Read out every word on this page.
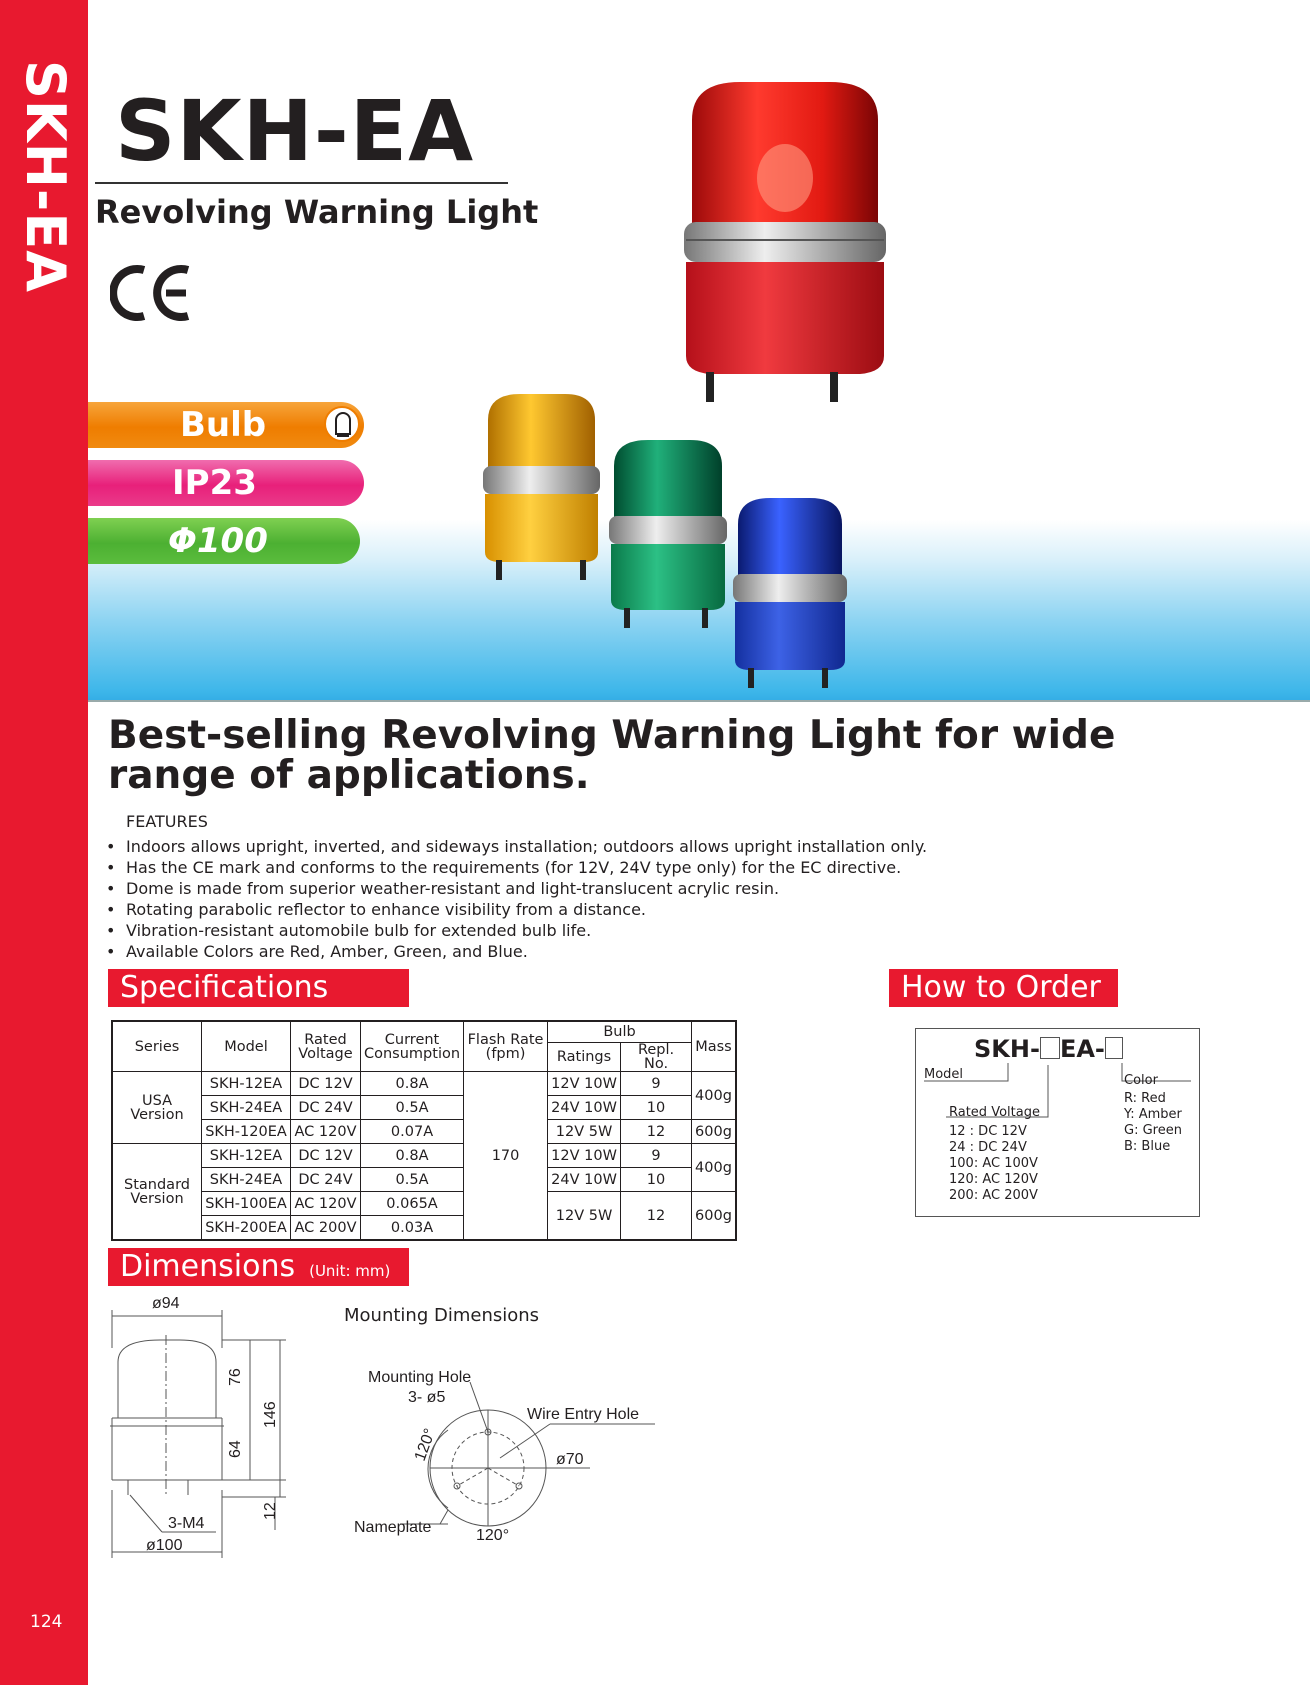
SKH-EA
124
SKH-EA
Revolving Warning Light
Bulb
IP23
Φ100
Best-selling Revolving Warning Light for wide range of applications.
FEATURES
• Indoors allows upright, inverted, and sideways installation; outdoors allows upright installation only.
• Has the CE mark and conforms to the requirements (for 12V, 24V type only) for the EC directive.
• Dome is made from superior weather-resistant and light-translucent acrylic resin.
• Rotating parabolic reflector to enhance visibility from a distance.
• Vibration-resistant automobile bulb for extended bulb life.
• Available Colors are Red, Amber, Green, and Blue.
Specifications	How to Order
Dimensions (Unit: mm)
Series	Model	Rated Voltage	Current Consumption	Flash Rate (fpm)	Bulb		Mass
					Ratings	Repl. No.	
USA Version	SKH-12EA	DC 12V	0.8A	170	12V 10W	9	400g
	SKH-24EA	DC 24V	0.5A		24V 10W	10	
	SKH-120EA	AC 120V	0.07A		12V 5W	12	600g
Standard Version	SKH-12EA	DC 12V	0.8A		12V 10W	9	400g
	SKH-24EA	DC 24V	0.5A		24V 10W	10	
	SKH-100EA	AC 120V	0.065A		12V 5W	12	600g
	SKH-200EA	AC 200V	0.03A				
SKH- EA-
Model
Rated Voltage
Color
12 : DC 12V
24 : DC 24V
100: AC 100V
120: AC 120V
200: AC 200V
R: Red
Y: Amber
G: Green
B: Blue
ø94
76
64
146
12
3-M4
ø100
Mounting Dimensions
Mounting Hole
3- ø5
120°
Wire Entry Hole
ø70
Nameplate	120°
